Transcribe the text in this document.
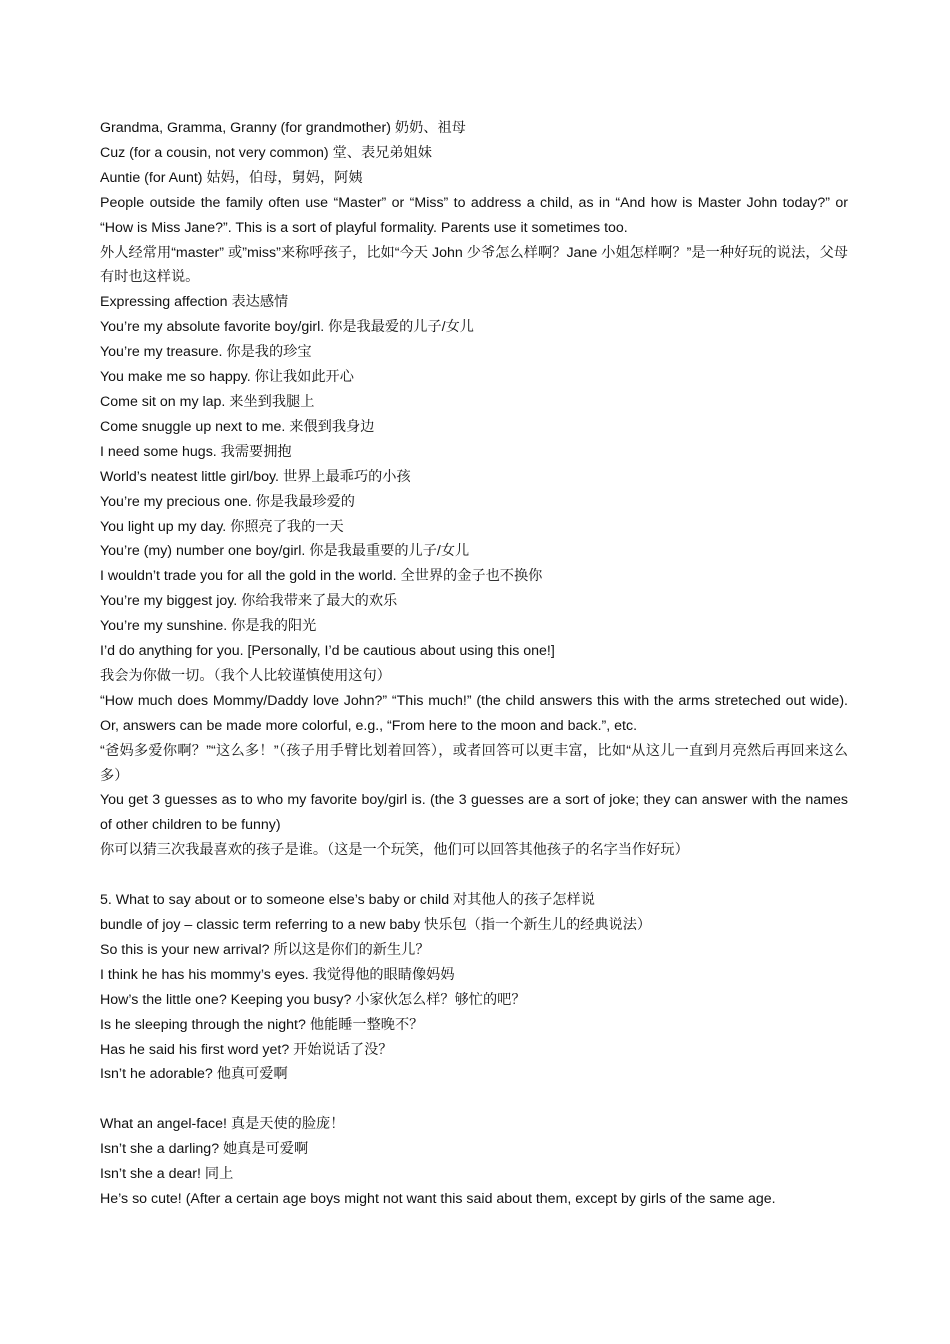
Grandma, Gramma, Granny (for grandmother) 奶奶、祖母
Cuz (for a cousin, not very common) 堂、表兄弟姐妹
Auntie (for Aunt) 姑妈，伯母，舅妈，阿姨
People outside the family often use “Master” or “Miss” to address a child, as in “And how is Master John today?” or “How is Miss Jane?”. This is a sort of playful formality. Parents use it sometimes too.
外人经常用“master” 或”miss”来称呼孩子，比如“今天 John 少爷怎么样啊？Jane 小姐怎样啊？”是一种好玩的说法，父母有时也这样说。
Expressing affection 表达感情
You’re my absolute favorite boy/girl. 你是我最爱的儿子/女儿
You’re my treasure. 你是我的珍宝
You make me so happy. 你让我如此开心
Come sit on my lap. 来坐到我腿上
Come snuggle up next to me. 来偎到我身边
I need some hugs. 我需要拥抱
World’s neatest little girl/boy. 世界上最乖巧的小孩
You’re my precious one. 你是我最珍爱的
You light up my day. 你照亮了我的一天
You’re (my) number one boy/girl. 你是我最重要的儿子/女儿
I wouldn’t trade you for all the gold in the world. 全世界的金子也不换你
You’re my biggest joy. 你给我带来了最大的欢乐
You’re my sunshine. 你是我的阳光
I’d do anything for you. [Personally, I’d be cautious about using this one!]
我会为你做一切。（我个人比较谨慎使用这句）
“How much does Mommy/Daddy love John?” “This much!” (the child answers this with the arms streteched out wide). Or, answers can be made more colorful, e.g., “From here to the moon and back.”, etc.
“爸妈多爱你啊？”“这么多！”（孩子用手臂比划着回答），或者回答可以更丰富，比如“从这儿一直到月亮然后再回来这么多）
You get 3 guesses as to who my favorite boy/girl is. (the 3 guesses are a sort of joke; they can answer with the names of other children to be funny)
你可以猜三次我最喜欢的孩子是谁。（这是一个玩笑，他们可以回答其他孩子的名字当作好玩）
5. What to say about or to someone else’s baby or child 对其他人的孩子怎样说
bundle of joy – classic term referring to a new baby 快乐包（指一个新生儿的经典说法）
So this is your new arrival? 所以这是你们的新生儿？
I think he has his mommy’s eyes. 我觉得他的眼睛像妈妈
How’s the little one? Keeping you busy? 小家伙怎么样？够忙的吧？
Is he sleeping through the night? 他能睡一整晚不？
Has he said his first word yet? 开始说话了没？
Isn’t he adorable? 他真可爱啊
What an angel-face! 真是天使的脸庞！
Isn’t she a darling? 她真是可爱啊
Isn’t she a dear! 同上
He’s so cute! (After a certain age boys might not want this said about them, except by girls of the same age.
